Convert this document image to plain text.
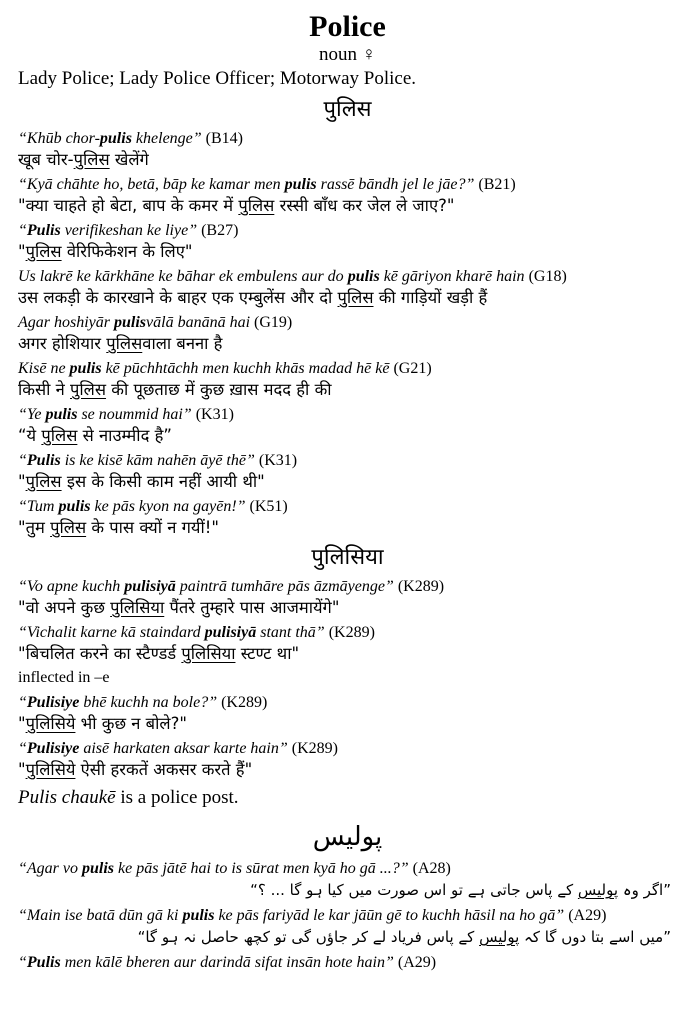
Police
noun ♀
Lady Police; Lady Police Officer; Motorway Police.
पुलिस
“Khūb chor-pulis khelenge” (B14)
खूब चोर-पुलिस खेलेंगे
“Kyā chāhte ho, betā, bāp ke kamar men pulis rassē bāndh jel le jāe?” (B21)
"क्या चाहते हो बेटा, बाप के कमर में पुलिस रस्सी बाँध कर जेल ले जाए?"
“Pulis verifikeshan ke liye” (B27)
"पुलिस वेरिफिकेशन के लिए"
Us lakrē ke kārkhāne ke bāhar ek embulens aur do pulis kē gāriyon kharē hain (G18)
उस लकड़ी के कारखाने के बाहर एक एम्बुलेंस और दो पुलिस की गाड़ियों खड़ी हैं
Agar hoshiyār pulisvālā banānā hai (G19)
अगर होशियार पुलिसवाला बनना है
Kisē ne pulis kē pūchhtāchh men kuchh khās madad hē kē (G21)
किसी ने पुलिस की पूछताछ में कुछ ख़ास मदद ही की
“Ye pulis se noummid hai” (K31)
“ये पुलिस से नाउम्मीद है”
“Pulis is ke kisē kām nahēn āyē thē” (K31)
"पुलिस इस के किसी काम नहीं आयी थी"
“Tum pulis ke pās kyon na gayēn!” (K51)
"तुम पुलिस के पास क्यों न गयीं!"
पुलिसिया
“Vo apne kuchh pulisiyā paintrā tumhāre pās āzmāyenge” (K289)
"वो अपने कुछ पुलिसिया पैंतरे तुम्हारे पास आजमायेंगे"
“Vichalit karne kā staindard pulisiyā stant thā” (K289)
"बिचलित करने का स्टैण्डर्ड पुलिसिया स्टण्ट था"
inflected in –e
“Pulisiye bhē kuchh na bole?” (K289)
"पुलिसिये भी कुछ न बोले?"
“Pulisiye aisē harkaten aksar karte hain” (K289)
"पुलिसिये ऐसी हरकतें अकसर करते हैं"
Pulis chaukē is a police post.
پولیس
“Agar vo pulis ke pās jātē hai to is sūrat men kyā ho gā ...?” (A28)
”اگر وہ پولیس کے پاس جاتی ہے تو اس صورت میں کیا ہو گا ... ؟“
“Main ise batā dūn gā ki pulis ke pās fariyād le kar jāūn gē to kuchh hāsil na ho gā” (A29)
”میں اسے بتا دوں گا کہ پولیس کے پاس فریاد لے کر جاؤں گی تو کچھ حاصل نہ ہو گا“
“Pulis men kālē bheren aur darindā sifat insān hote hain” (A29)
